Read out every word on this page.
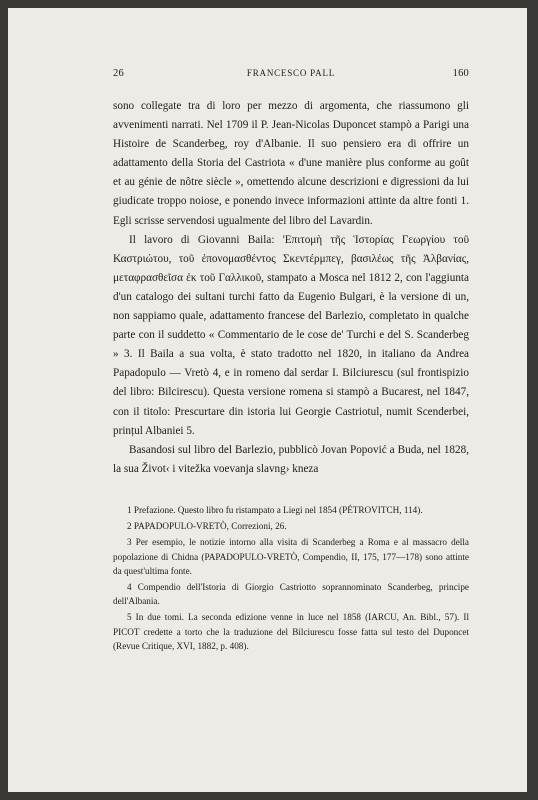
26	FRANCESCO PALL	160

sono collegate tra di loro per mezzo di argomenta, che riassumono gli avvenimenti narrati. Nel 1709 il P. Jean-Nicolas Duponcet stampò a Parigi una Histoire de Scanderbeg, roy d'Albanie. Il suo pensiero era di offrire un adattamento della Storia del Castriota « d'une manière plus conforme au goût et au génie de nôtre siècle », omettendo alcune descrizioni e digressioni da lui giudicate troppo noiose, e ponendo invece informazioni attinte da altre fonti 1. Egli scrisse servendosi ugualmente del libro del Lavardin.

Il lavoro di Giovanni Baila: 'Επιτομὴ τῆς Ἱστορίας Γεωργίου τοῦ Καστριώτου, τοῦ ἐπονομασθέντος Σκεντέρμπεγ, βασιλέως τῆς Ἀλβανίας, μεταφρασθεῖσα ἐκ τοῦ Γαλλικοῦ, stampato a Mosca nel 1812 2, con l'aggiunta d'un catalogo dei sultani turchi fatto da Eugenio Bulgari, è la versione di un, non sappiamo quale, adattamento francese del Barlezio, completato in qualche parte con il suddetto « Commentario de le cose de' Turchi e del S. Scanderbeg » 3. Il Baila a sua volta, è stato tradotto nel 1820, in italiano da Andrea Papadopulo — Vretò 4, e in romeno dal serdar I. Bilciurescu (sul frontispizio del libro: Bilcirescu). Questa versione romena si stampò a Bucarest, nel 1847, con il titolo: Prescurtare din istoria lui Georgie Castriotul, numit Scenderbei, prințul Albaniei 5.

Basandosi sul libro del Barlezio, pubblicò Jovan Popović a Buda, nel 1828, la sua Život‹ i vitežka voevanja slavng› kneza

1 Prefazione. Questo libro fu ristampato a Liegi nel 1854 (PÉTROVITCH, 114).

2 PAPADOPULO-VRETÒ, Correzioni, 26.

3 Per esempio, le notizie intorno alla visita di Scanderbeg a Roma e al massacro della popolazione di Chidna (PAPADOPULO-VRETÒ, Compendio, II, 175, 177—178) sono attinte da quest'ultima fonte.

4 Compendio dell'Istoria di Giorgio Castriotto soprannominato Scanderbeg, principe dell'Albania.

5 In due tomi. La seconda edizione venne in luce nel 1858 (IARCU, An. Bibl., 57). Il PICOT credette a torto che la traduzione del Bilciurescu fosse fatta sul testo del Duponcet (Revue Critique, XVI, 1882, p. 408).
